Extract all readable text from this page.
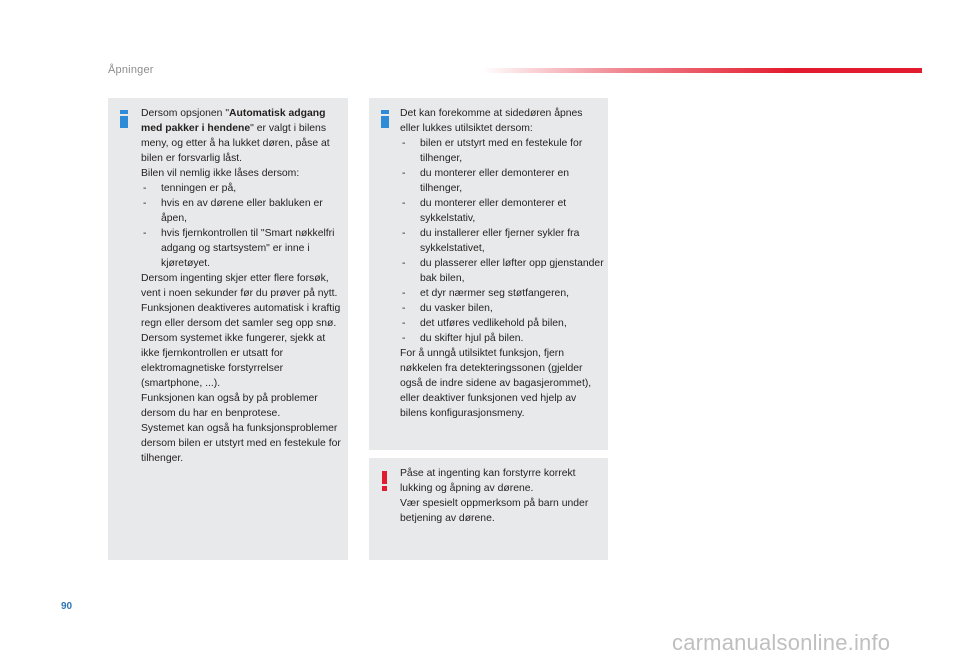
Åpninger

Dersom opsjonen "Automatisk adgang med pakker i hendene" er valgt i bilens meny, og etter å ha lukket døren, påse at bilen er forsvarlig låst.

Bilen vil nemlig ikke låses dersom:

- tenningen er på,
- hvis en av dørene eller bakluken er åpen,
- hvis fjernkontrollen til "Smart nøkkelfri adgang og startsystem" er inne i kjøretøyet.

Dersom ingenting skjer etter flere forsøk, vent i noen sekunder før du prøver på nytt.

Funksjonen deaktiveres automatisk i kraftig regn eller dersom det samler seg opp snø.

Dersom systemet ikke fungerer, sjekk at ikke fjernkontrollen er utsatt for elektromagnetiske forstyrrelser (smartphone, ...).

Funksjonen kan også by på problemer dersom du har en benprotese.

Systemet kan også ha funksjonsproblemer dersom bilen er utstyrt med en festekule for tilhenger.

Det kan forekomme at sidedøren åpnes eller lukkes utilsiktet dersom:

- bilen er utstyrt med en festekule for tilhenger,
- du monterer eller demonterer en tilhenger,
- du monterer eller demonterer et sykkelstativ,
- du installerer eller fjerner sykler fra sykkelstativet,
- du plasserer eller løfter opp gjenstander bak bilen,
- et dyr nærmer seg støtfangeren,
- du vasker bilen,
- det utføres vedlikehold på bilen,
- du skifter hjul på bilen.

For å unngå utilsiktet funksjon, fjern nøkkelen fra detekteringssonen (gjelder også de indre sidene av bagasjerommet), eller deaktiver funksjonen ved hjelp av bilens konfigurasjonsmeny.

Påse at ingenting kan forstyrre korrekt lukking og åpning av dørene.

Vær spesielt oppmerksom på barn under betjening av dørene.

90
carmanualsonline.info
